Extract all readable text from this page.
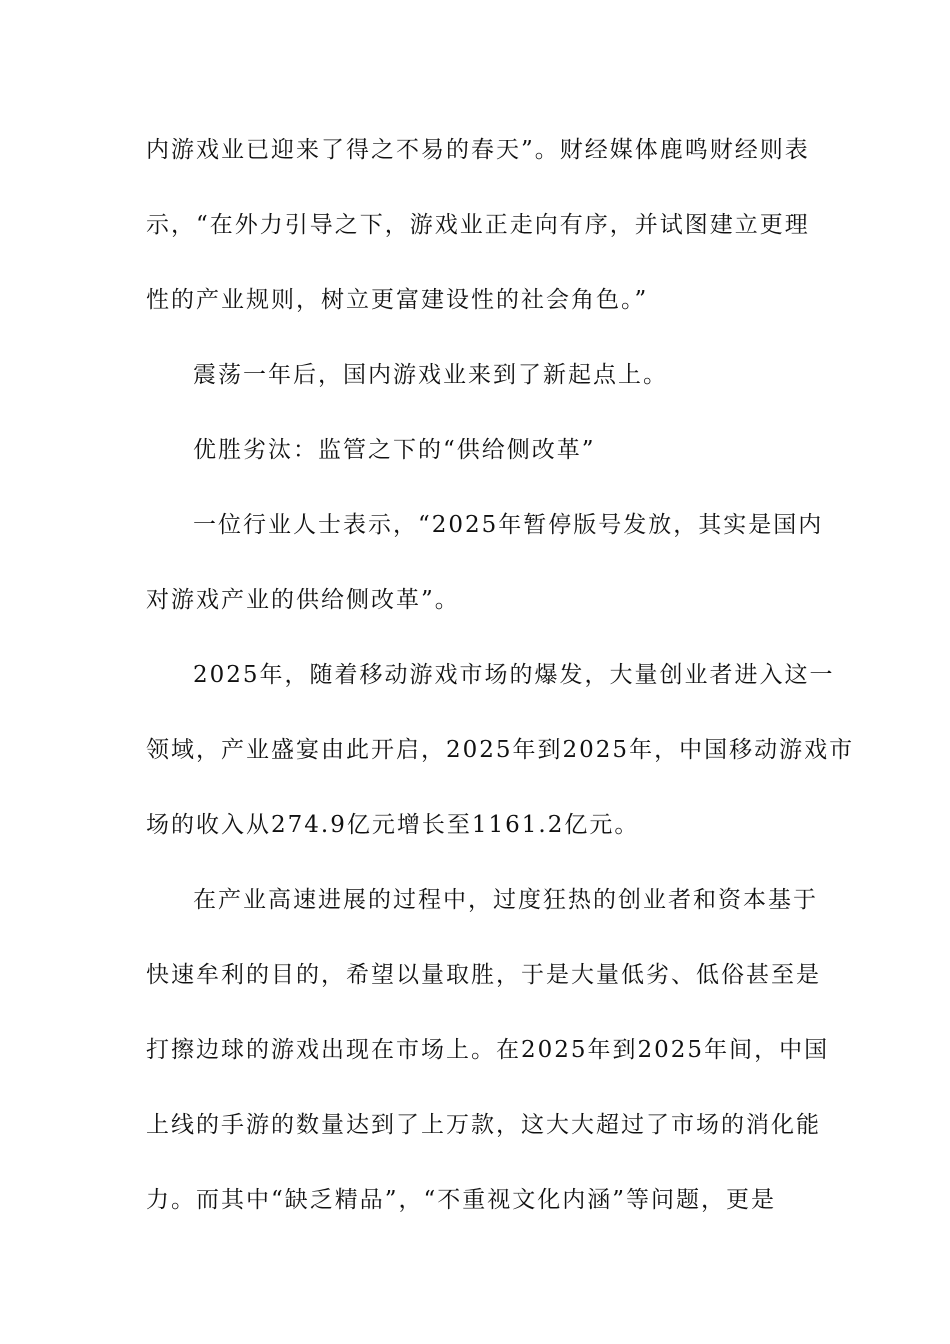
内游戏业已迎来了得之不易的春天”。财经媒体鹿鸣财经则表
示，“在外力引导之下，游戏业正走向有序，并试图建立更理
性的产业规则，树立更富建设性的社会角色。”
震荡一年后，国内游戏业来到了新起点上。
优胜劣汰：监管之下的“供给侧改革”
一位行业人士表示，“2025年暂停版号发放，其实是国内
对游戏产业的供给侧改革”。
2025年，随着移动游戏市场的爆发，大量创业者进入这一
领域，产业盛宴由此开启，2025年到2025年，中国移动游戏市
场的收入从274.9亿元增长至1161.2亿元。
在产业高速进展的过程中，过度狂热的创业者和资本基于
快速牟利的目的，希望以量取胜，于是大量低劣、低俗甚至是
打擦边球的游戏出现在市场上。在2025年到2025年间，中国
上线的手游的数量达到了上万款，这大大超过了市场的消化能
力。而其中“缺乏精品”，“不重视文化内涵”等问题，更是
